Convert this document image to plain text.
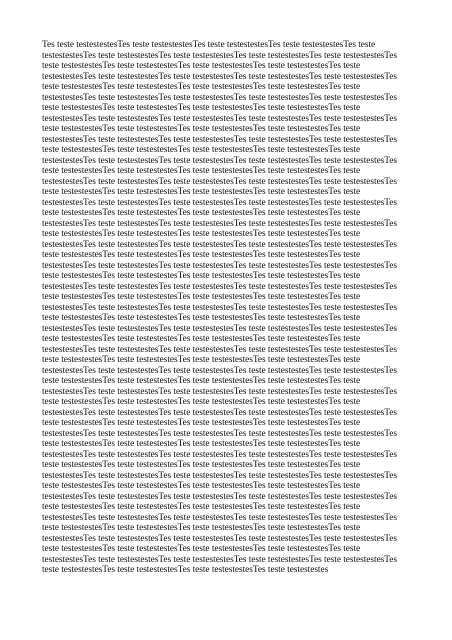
Tes teste testestestesTes teste testestestesTes teste testestestesTes teste testestestesTes teste
testestestesTes teste testestestesTes teste testestestesTes teste testestestesTes teste testestestesTes
teste testestestesTes teste testestestesTes teste testestestesTes teste testestestesTes teste
testestestesTes teste testestestesTes teste testestestesTes teste testestestesTes teste testestestesTes
teste testestestesTes teste testestestesTes teste testestestesTes teste testestestesTes teste
testestestesTes teste testestestesTes teste testestestesTes teste testestestesTes teste testestestesTes
teste testestestesTes teste testestestesTes teste testestestesTes teste testestestesTes teste
testestestesTes teste testestestesTes teste testestestesTes teste testestestesTes teste testestestesTes
teste testestestesTes teste testestestesTes teste testestestesTes teste testestestesTes teste
testestestesTes teste testestestesTes teste testestestesTes teste testestestesTes teste testestestesTes
teste testestestesTes teste testestestesTes teste testestestesTes teste testestestesTes teste
testestestesTes teste testestestesTes teste testestestesTes teste testestestesTes teste testestestesTes
teste testestestesTes teste testestestesTes teste testestestesTes teste testestestesTes teste
testestestesTes teste testestestesTes teste testestestesTes teste testestestesTes teste testestestesTes
teste testestestesTes teste testestestesTes teste testestestesTes teste testestestesTes teste
testestestesTes teste testestestesTes teste testestestesTes teste testestestesTes teste testestestesTes
teste testestestesTes teste testestestesTes teste testestestesTes teste testestestesTes teste
testestestesTes teste testestestesTes teste testestestesTes teste testestestesTes teste testestestesTes
teste testestestesTes teste testestestesTes teste testestestesTes teste testestestesTes teste
testestestesTes teste testestestesTes teste testestestesTes teste testestestesTes teste testestestesTes
teste testestestesTes teste testestestesTes teste testestestesTes teste testestestesTes teste
testestestesTes teste testestestesTes teste testestestesTes teste testestestesTes teste testestestesTes
teste testestestesTes teste testestestesTes teste testestestesTes teste testestestesTes teste
testestestesTes teste testestestesTes teste testestestesTes teste testestestesTes teste testestestesTes
teste testestestesTes teste testestestesTes teste testestestesTes teste testestestesTes teste
testestestesTes teste testestestesTes teste testestestesTes teste testestestesTes teste testestestesTes
teste testestestesTes teste testestestesTes teste testestestesTes teste testestestesTes teste
testestestesTes teste testestestesTes teste testestestesTes teste testestestesTes teste testestestesTes
teste testestestesTes teste testestestesTes teste testestestesTes teste testestestesTes teste
testestestesTes teste testestestesTes teste testestestesTes teste testestestesTes teste testestestesTes
teste testestestesTes teste testestestesTes teste testestestesTes teste testestestesTes teste
testestestesTes teste testestestesTes teste testestestesTes teste testestestesTes teste testestestesTes
teste testestestesTes teste testestestesTes teste testestestesTes teste testestestesTes teste
testestestesTes teste testestestesTes teste testestestesTes teste testestestesTes teste testestestesTes
teste testestestesTes teste testestestesTes teste testestestesTes teste testestestesTes teste
testestestesTes teste testestestesTes teste testestestesTes teste testestestesTes teste testestestesTes
teste testestestesTes teste testestestesTes teste testestestesTes teste testestestesTes teste
testestestesTes teste testestestesTes teste testestestesTes teste testestestesTes teste testestestesTes
teste testestestesTes teste testestestesTes teste testestestesTes teste testestestesTes teste
testestestesTes teste testestestesTes teste testestestesTes teste testestestesTes teste testestestesTes
teste testestestesTes teste testestestesTes teste testestestesTes teste testestestesTes teste
testestestesTes teste testestestesTes teste testestestesTes teste testestestesTes teste testestestesTes
teste testestestesTes teste testestestesTes teste testestestesTes teste testestestesTes teste
testestestesTes teste testestestesTes teste testestestesTes teste testestestesTes teste testestestesTes
teste testestestesTes teste testestestesTes teste testestestesTes teste testestestesTes teste
testestestesTes teste testestestesTes teste testestestesTes teste testestestesTes teste testestestesTes
teste testestestesTes teste testestestesTes teste testestestesTes teste testestestesTes teste
testestestesTes teste testestestesTes teste testestestesTes teste testestestesTes teste testestestesTes
teste testestestesTes teste testestestesTes teste testestestesTes teste testestestesTes teste
testestestesTes teste testestestesTes teste testestestesTes teste testestestesTes teste testestestesTes
teste testestestesTes teste testestestesTes teste testestestesTes teste testestestes
